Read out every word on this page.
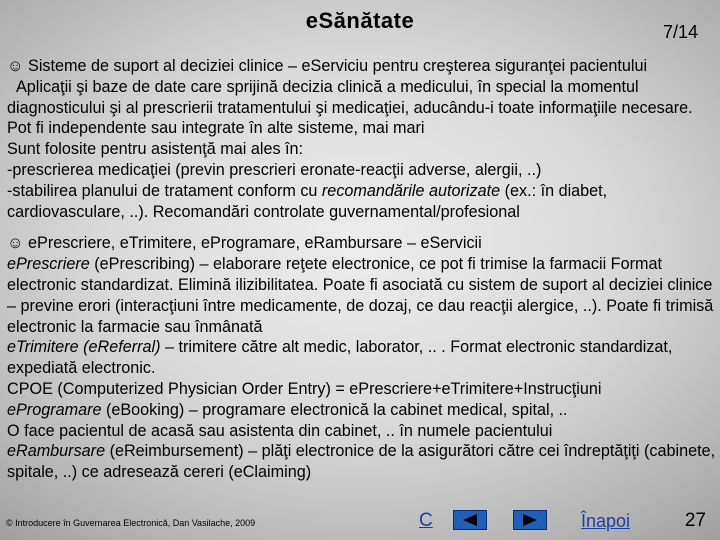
eSănătate	7/14

☺ Sisteme de suport al deciziei clinice – eServiciu pentru creşterea siguranţei pacientului

Aplicaţii şi baze de date care sprijină decizia clinică a medicului, în special la momentul diagnosticului şi al prescrierii tratamentului şi medicaţiei, aducându-i toate informaţiile necesare. Pot fi independente sau integrate în alte sisteme, mai mari

Sunt folosite pentru asistenţă mai ales în:

-prescrierea medicaţiei (previn prescrieri eronate-reacţii adverse, alergii, ..)

-stabilirea planului de tratament conform cu recomandările autorizate (ex.: în diabet, cardiovasculare, ..). Recomandări controlate guvernamental/profesional

☺ ePrescriere, eTrimitere, eProgramare, eRambursare – eServicii

ePrescriere (ePrescribing) – elaborare reţete electronice, ce pot fi trimise la farmacii Format electronic standardizat. Elimină ilizibilitatea. Poate fi asociată cu sistem de suport al deciziei clinice – previne erori (interacţiuni între medicamente, de dozaj, ce dau reacţii alergice, ..). Poate fi trimisă electronic la farmacie sau înmânată

eTrimitere (eReferral) – trimitere către alt medic, laborator, .. . Format electronic standardizat, expediată electronic.

CPOE (Computerized Physician Order Entry) = ePrescriere+eTrimitere+Instrucţiuni

eProgramare (eBooking) – programare electronică la cabinet medical, spital, ..

O face pacientul de acasă sau asistenta din cabinet, .. în numele pacientului

eRambursare (eReimbursement) – plăţi electronice de la asigurători către cei îndreptăţiţi (cabinete, spitale, ..) ce adresează cereri (eClaiming)

© Introducere în Guvernarea Electronică, Dan Vasilache, 2009	C	Înapoi	27
